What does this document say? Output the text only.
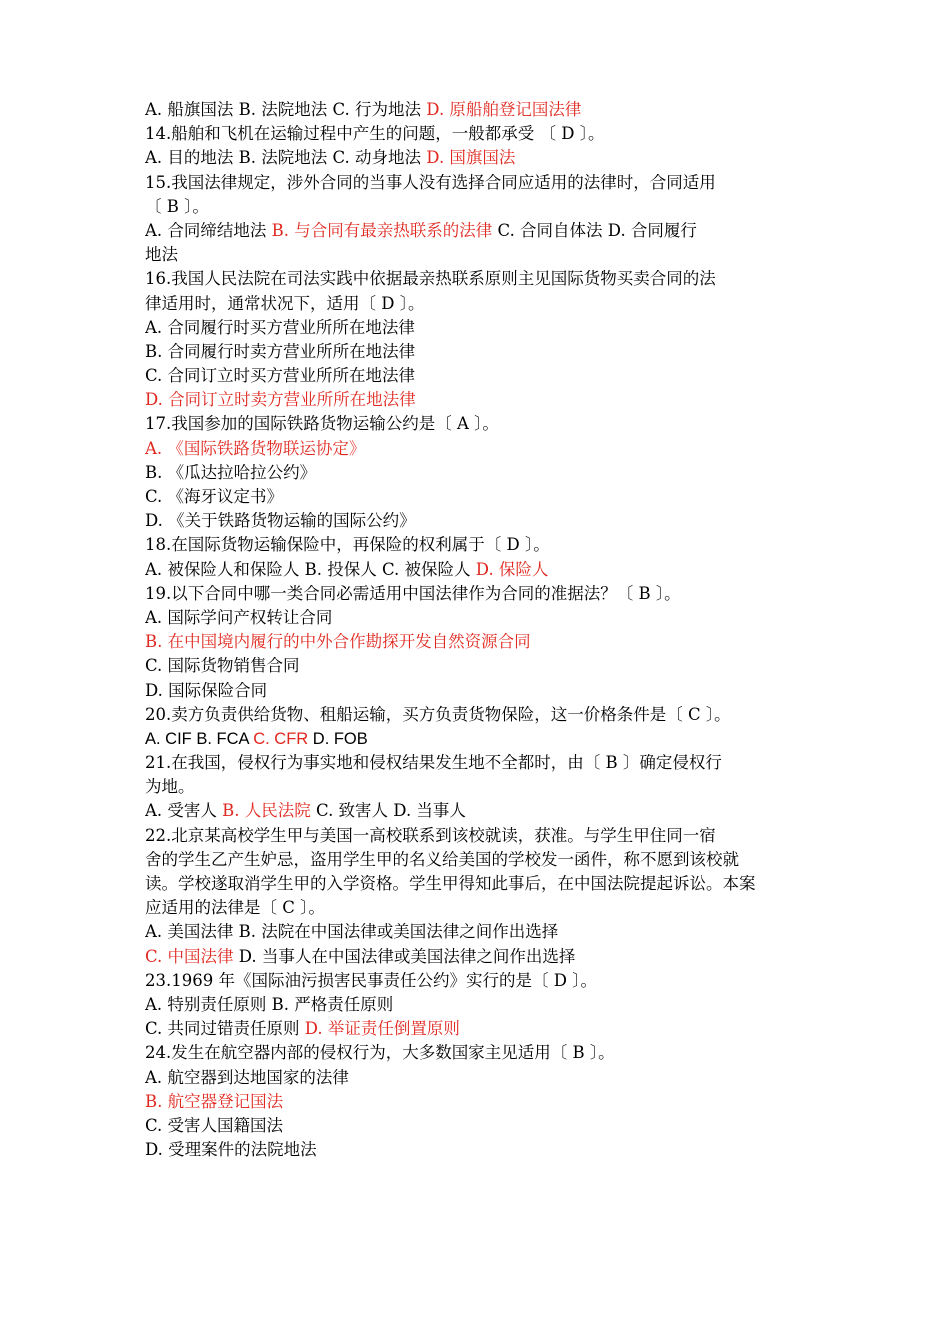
A. 船旗国法 B. 法院地法 C. 行为地法 D. 原船舶登记国法律
14.船舶和飞机在运输过程中产生的问题，一般都承受 〔 D 〕。
A. 目的地法 B. 法院地法 C. 动身地法 D. 国旗国法
15.我国法律规定，涉外合同的当事人没有选择合同应适用的法律时，合同适用
〔 B 〕。
A. 合同缔结地法 B. 与合同有最亲热联系的法律 C. 合同自体法 D. 合同履行
地法
16.我国人民法院在司法实践中依据最亲热联系原则主见国际货物买卖合同的法
律适用时，通常状况下，适用〔 D 〕。
A. 合同履行时买方营业所所在地法律
B. 合同履行时卖方营业所所在地法律
C. 合同订立时买方营业所所在地法律
D. 合同订立时卖方营业所所在地法律
17.我国参加的国际铁路货物运输公约是〔 A 〕。
A. 《国际铁路货物联运协定》
B. 《瓜达拉哈拉公约》
C. 《海牙议定书》
D. 《关于铁路货物运输的国际公约》
18.在国际货物运输保险中，再保险的权利属于〔 D 〕。
A. 被保险人和保险人 B. 投保人 C. 被保险人 D. 保险人
19.以下合同中哪一类合同必需适用中国法律作为合同的准据法？〔 B 〕。
A. 国际学问产权转让合同
B. 在中国境内履行的中外合作勘探开发自然资源合同
C. 国际货物销售合同
D. 国际保险合同
20.卖方负责供给货物、租船运输，买方负责货物保险，这一价格条件是〔 C 〕。
A. CIF B. FCA C. CFR D. FOB
21.在我国，侵权行为事实地和侵权结果发生地不全都时，由〔 B 〕确定侵权行
为地。
A. 受害人 B. 人民法院 C. 致害人 D. 当事人
22.北京某高校学生甲与美国一高校联系到该校就读，获准。与学生甲住同一宿
舍的学生乙产生妒忌，盗用学生甲的名义给美国的学校发一函件，称不愿到该校就
读。学校遂取消学生甲的入学资格。学生甲得知此事后，在中国法院提起诉讼。本案
应适用的法律是〔 C 〕。
A. 美国法律 B. 法院在中国法律或美国法律之间作出选择
C. 中国法律 D. 当事人在中国法律或美国法律之间作出选择
23.1969 年《国际油污损害民事责任公约》实行的是〔 D 〕。
A. 特别责任原则 B. 严格责任原则
C. 共同过错责任原则 D. 举证责任倒置原则
24.发生在航空器内部的侵权行为，大多数国家主见适用〔 B 〕。
A. 航空器到达地国家的法律
B. 航空器登记国法
C. 受害人国籍国法
D. 受理案件的法院地法
